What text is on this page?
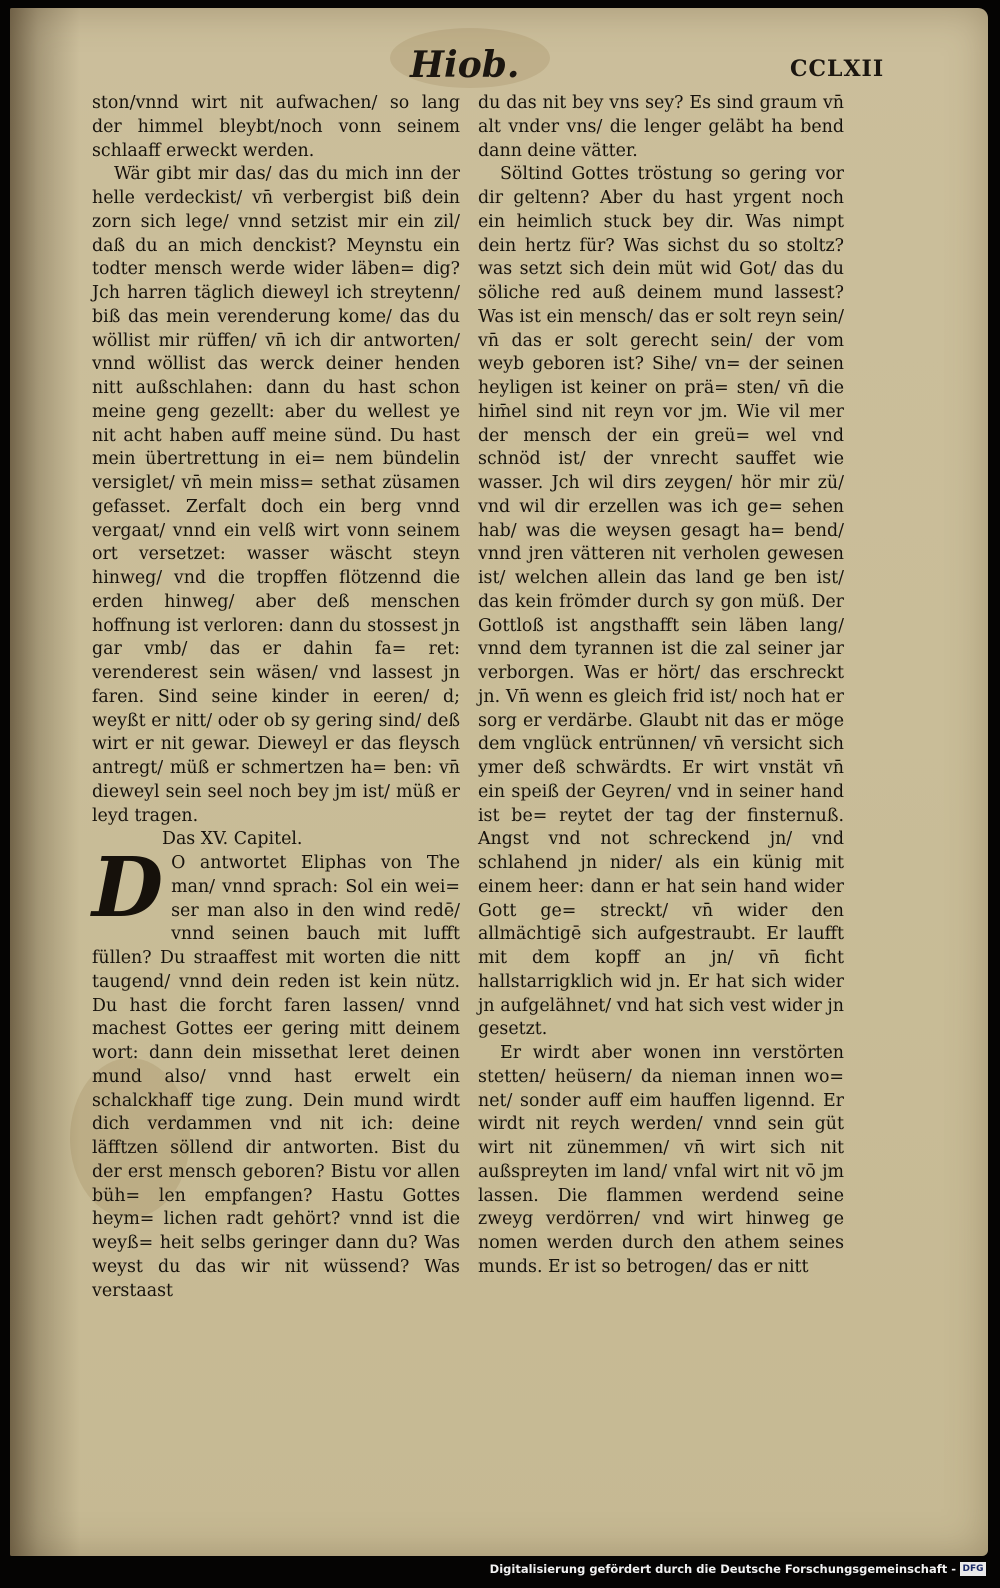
Hiob.	CCLXII

ston/vnnd wirt nit aufwachen/ so lang der himmel bleybt/noch vonn seinem schlaaff erweckt werden.

Wär gibt mir das/ das du mich inn der helle verdeckist/ vn̄ verbergist biß dein zorn sich lege/ vnnd setzist mir ein zil/ daß du an mich denckist? Meynstu ein todter mensch werde wider läben= dig? Jch harren täglich dieweyl ich streytenn/ biß das mein verenderung kome/ das du wöllist mir rüffen/ vn̄ ich dir antworten/ vnnd wöllist das werck deiner henden nitt außschlahen: dann du hast schon meine geng gezellt: aber du wellest ye nit acht haben auff meine sünd. Du hast mein übertrettung in ei= nem bündelin versiglet/ vn̄ mein miss= sethat züsamen gefasset. Zerfalt doch ein berg vnnd vergaat/ vnnd ein velß wirt vonn seinem ort versetzet: wasser wäscht steyn hinweg/ vnd die tropffen flötzennd die erden hinweg/ aber deß menschen hoffnung ist verloren: dann du stossest jn gar vmb/ das er dahin fa= ret: verenderest sein wäsen/ vnd lassest jn faren. Sind seine kinder in eeren/ d; weyßt er nitt/ oder ob sy gering sind/ deß wirt er nit gewar. Dieweyl er das fleysch antregt/ müß er schmertzen ha= ben: vn̄ dieweyl sein seel noch bey jm ist/ müß er leyd tragen.

Das XV. Capitel.

D O antwortet Eliphas von The man/ vnnd sprach: Sol ein wei= ser man also in den wind redē/ vnnd seinen bauch mit lufft füllen? Du straaffest mit worten die nitt taugend/ vnnd dein reden ist kein nütz. Du hast die forcht faren lassen/ vnnd machest Gottes eer gering mitt deinem wort: dann dein missethat leret deinen mund also/ vnnd hast erwelt ein schalckhaff tige zung. Dein mund wirdt dich verdammen vnd nit ich: deine läfftzen söllend dir antworten. Bist du der erst mensch geboren? Bistu vor allen büh= len empfangen? Hastu Gottes heym= lichen radt gehört? vnnd ist die weyß= heit selbs geringer dann du? Was weyst du das wir nit wüssend? Was verstaast

du das nit bey vns sey? Es sind graum vn̄ alt vnder vns/ die lenger geläbt ha bend dann deine vätter.

Söltind Gottes tröstung so gering vor dir geltenn? Aber du hast yrgent noch ein heimlich stuck bey dir. Was nimpt dein hertz für? Was sichst du so stoltz? was setzt sich dein müt wid Got/ das du söliche red auß deinem mund lassest? Was ist ein mensch/ das er solt reyn sein/ vn̄ das er solt gerecht sein/ der vom weyb geboren ist? Sihe/ vn= der seinen heyligen ist keiner on prä= sten/ vn̄ die him̄el sind nit reyn vor jm. Wie vil mer der mensch der ein greü= wel vnd schnöd ist/ der vnrecht sauffet wie wasser. Jch wil dirs zeygen/ hör mir zü/ vnd wil dir erzellen was ich ge= sehen hab/ was die weysen gesagt ha= bend/ vnnd jren vätteren nit verholen gewesen ist/ welchen allein das land ge ben ist/ das kein frömder durch sy gon müß. Der Gottloß ist angsthafft sein läben lang/ vnnd dem tyrannen ist die zal seiner jar verborgen. Was er hört/ das erschreckt jn. Vn̄ wenn es gleich frid ist/ noch hat er sorg er verdärbe. Glaubt nit das er möge dem vnglück entrünnen/ vn̄ versicht sich ymer deß schwärdts. Er wirt vnstät vn̄ ein speiß der Geyren/ vnd in seiner hand ist be= reytet der tag der finsternuß. Angst vnd not schreckend jn/ vnd schlahend jn nider/ als ein künig mit einem heer: dann er hat sein hand wider Gott ge= streckt/ vn̄ wider den allmächtigē sich aufgestraubt. Er laufft mit dem kopff an jn/ vn̄ ficht hallstarrigklich wid jn. Er hat sich wider jn aufgelähnet/ vnd hat sich vest wider jn gesetzt.

Er wirdt aber wonen inn verstörten stetten/ heüsern/ da nieman innen wo= net/ sonder auff eim hauffen ligennd. Er wirdt nit reych werden/ vnnd sein güt wirt nit zünemmen/ vn̄ wirt sich nit außspreyten im land/ vnfal wirt nit vō jm lassen. Die flammen werdend seine zweyg verdörren/ vnd wirt hinweg ge nomen werden durch den athem seines munds. Er ist so betrogen/ das er nitt

Digitalisierung gefördert durch die Deutsche Forschungsgemeinschaft - DFG
